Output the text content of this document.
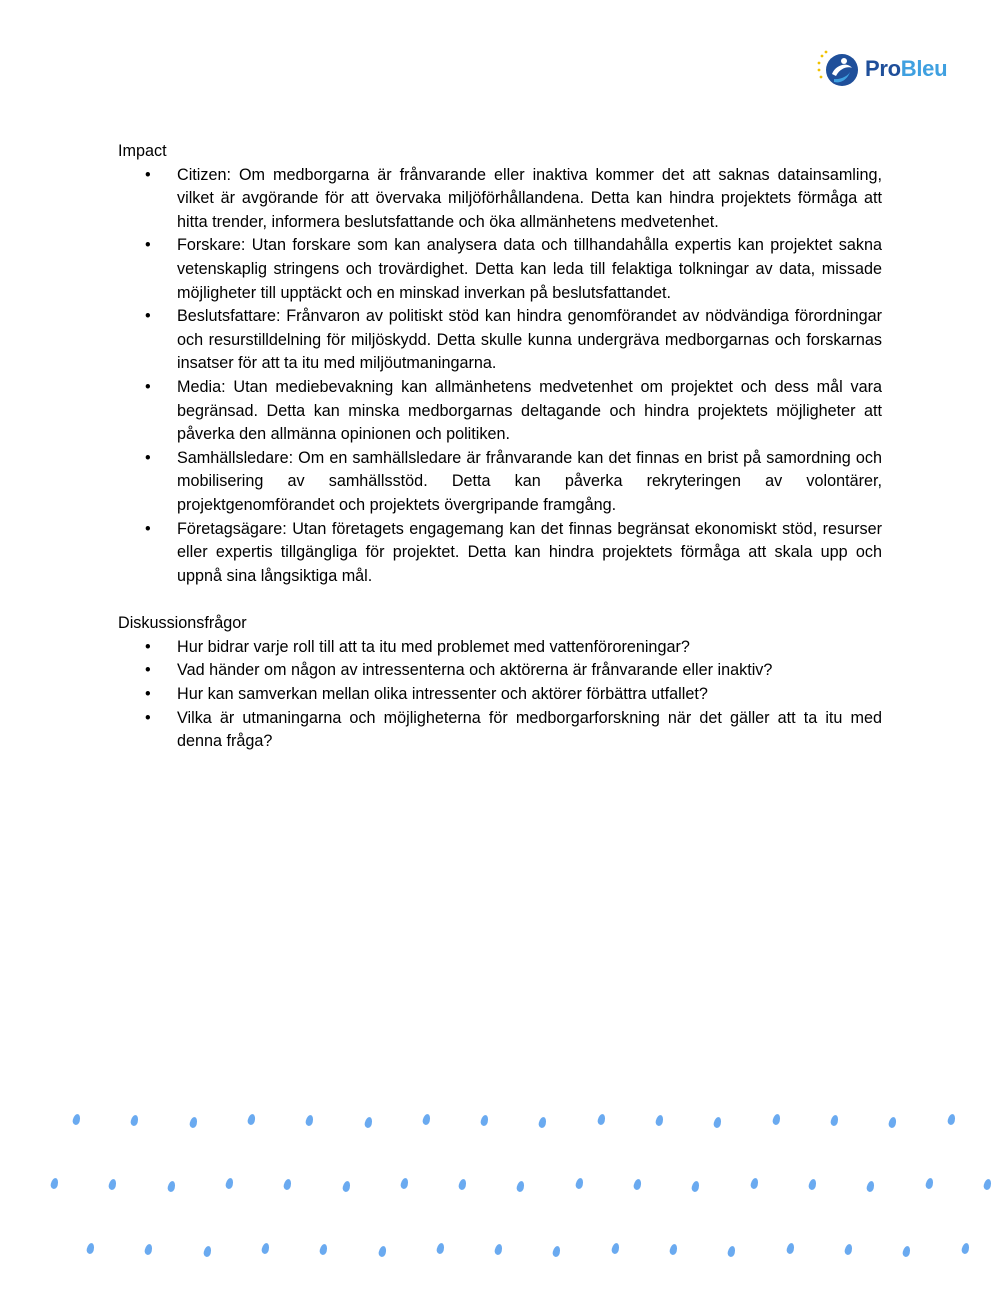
ProBleu

Impact

• Citizen: Om medborgarna är frånvarande eller inaktiva kommer det att saknas datainsamling, vilket är avgörande för att övervaka miljöförhållandena. Detta kan hindra projektets förmåga att hitta trender, informera beslutsfattande och öka allmänhetens medvetenhet.
• Forskare: Utan forskare som kan analysera data och tillhandahålla expertis kan projektet sakna vetenskaplig stringens och trovärdighet. Detta kan leda till felaktiga tolkningar av data, missade möjligheter till upptäckt och en minskad inverkan på beslutsfattandet.
• Beslutsfattare: Frånvaron av politiskt stöd kan hindra genomförandet av nödvändiga förordningar och resurstilldelning för miljöskydd. Detta skulle kunna undergräva medborgarnas och forskarnas insatser för att ta itu med miljöutmaningarna.
• Media: Utan mediebevakning kan allmänhetens medvetenhet om projektet och dess mål vara begränsad. Detta kan minska medborgarnas deltagande och hindra projektets möjligheter att påverka den allmänna opinionen och politiken.
• Samhällsledare: Om en samhällsledare är frånvarande kan det finnas en brist på samordning och mobilisering av samhällsstöd. Detta kan påverka rekryteringen av volontärer, projektgenomförandet och projektets övergripande framgång.
• Företagsägare: Utan företagets engagemang kan det finnas begränsat ekonomiskt stöd, resurser eller expertis tillgängliga för projektet. Detta kan hindra projektets förmåga att skala upp och uppnå sina långsiktiga mål.

Diskussionsfrågor

• Hur bidrar varje roll till att ta itu med problemet med vattenföroreningar?
• Vad händer om någon av intressenterna och aktörerna är frånvarande eller inaktiv?
• Hur kan samverkan mellan olika intressenter och aktörer förbättra utfallet?
• Vilka är utmaningarna och möjligheterna för medborgarforskning när det gäller att ta itu med denna fråga?
